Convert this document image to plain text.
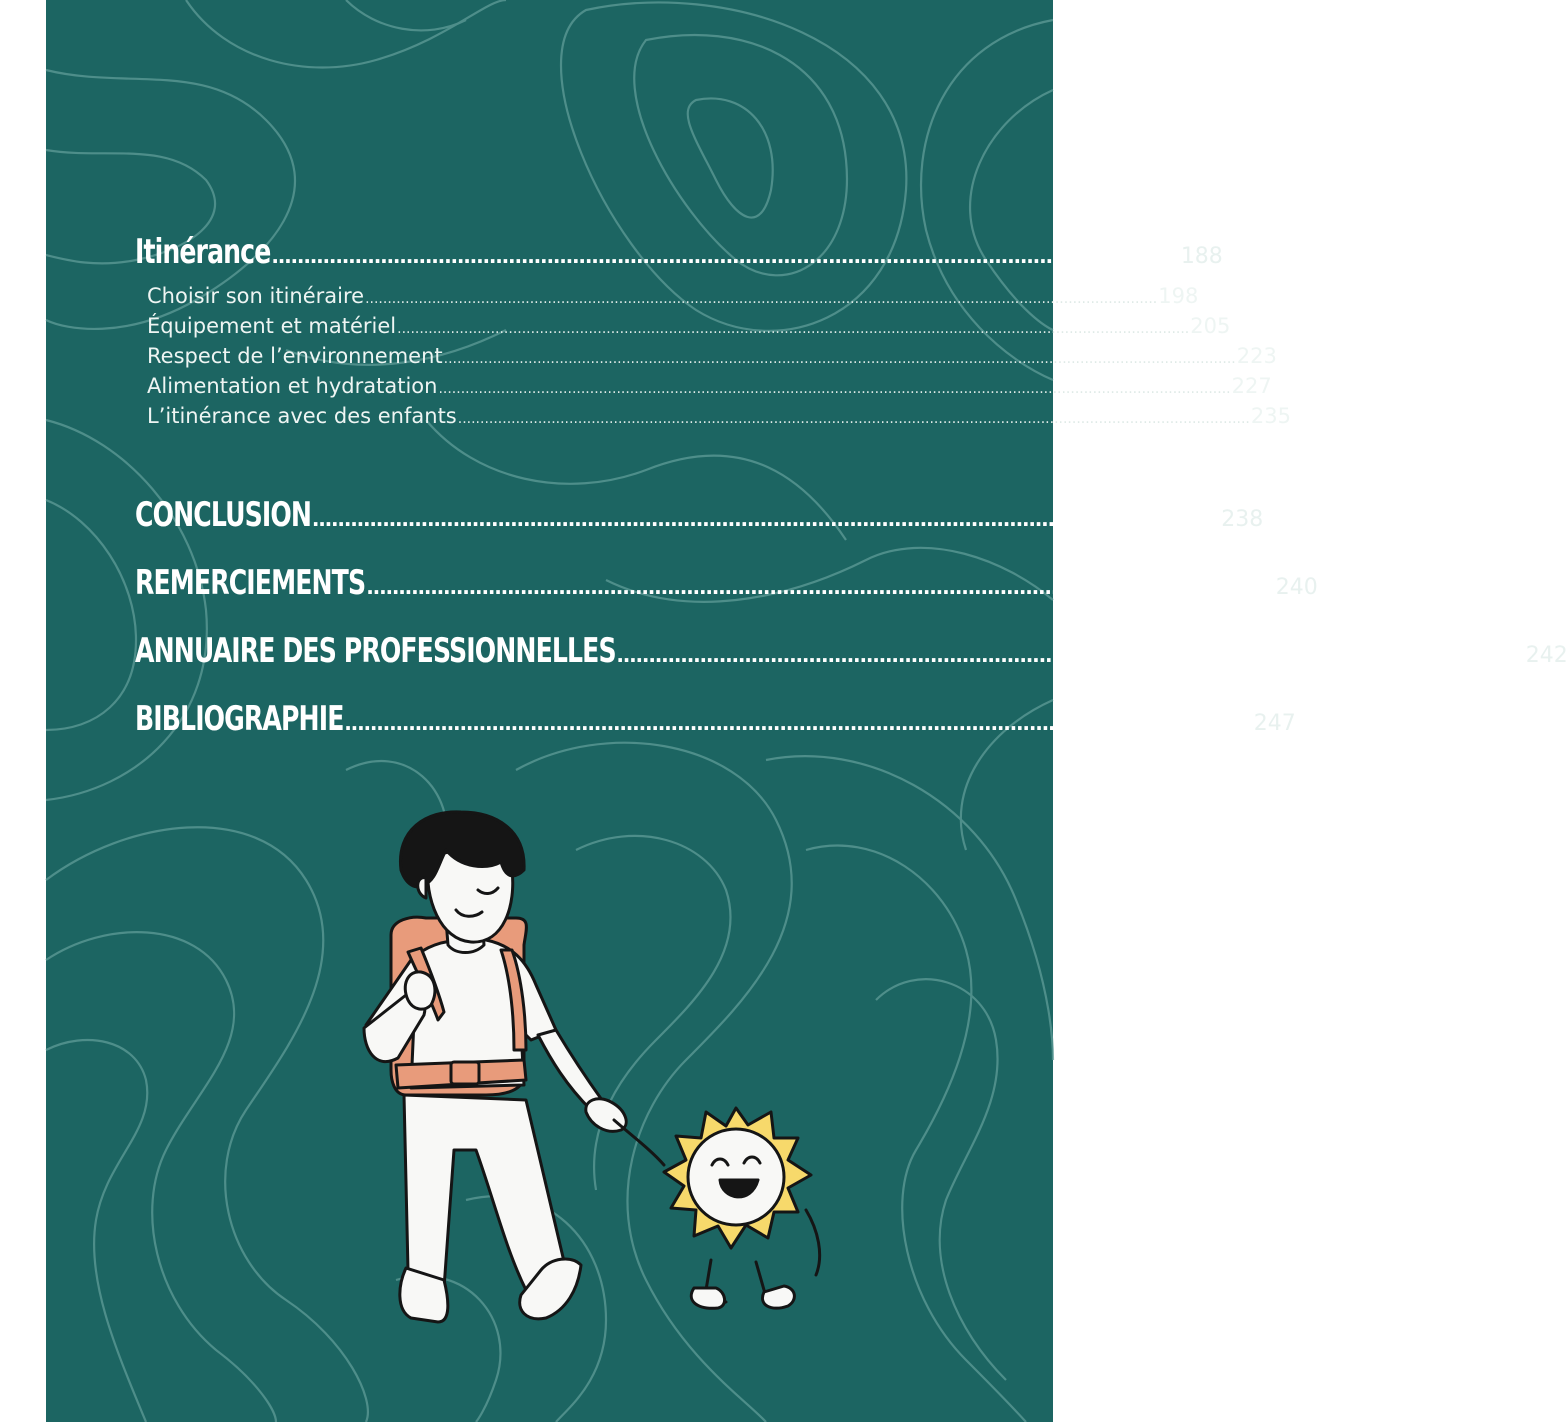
Itinérance .............................................................................................................................................. 188
Choisir son itinéraire .................................................................................................................................................................................. 198
Équipement et matériel .................................................................................................................................................................................. 205
Respect de l’environnement .................................................................................................................................................................................. 223
Alimentation et hydratation .................................................................................................................................................................................. 227
L’itinérance avec des enfants .................................................................................................................................................................................. 235
CONCLUSION .............................................................................................................................................. 238
REMERCIEMENTS .............................................................................................................................................. 240
ANNUAIRE DES PROFESSIONNELLES .............................................................................................................................................. 242
BIBLIOGRAPHIE .............................................................................................................................................. 247
